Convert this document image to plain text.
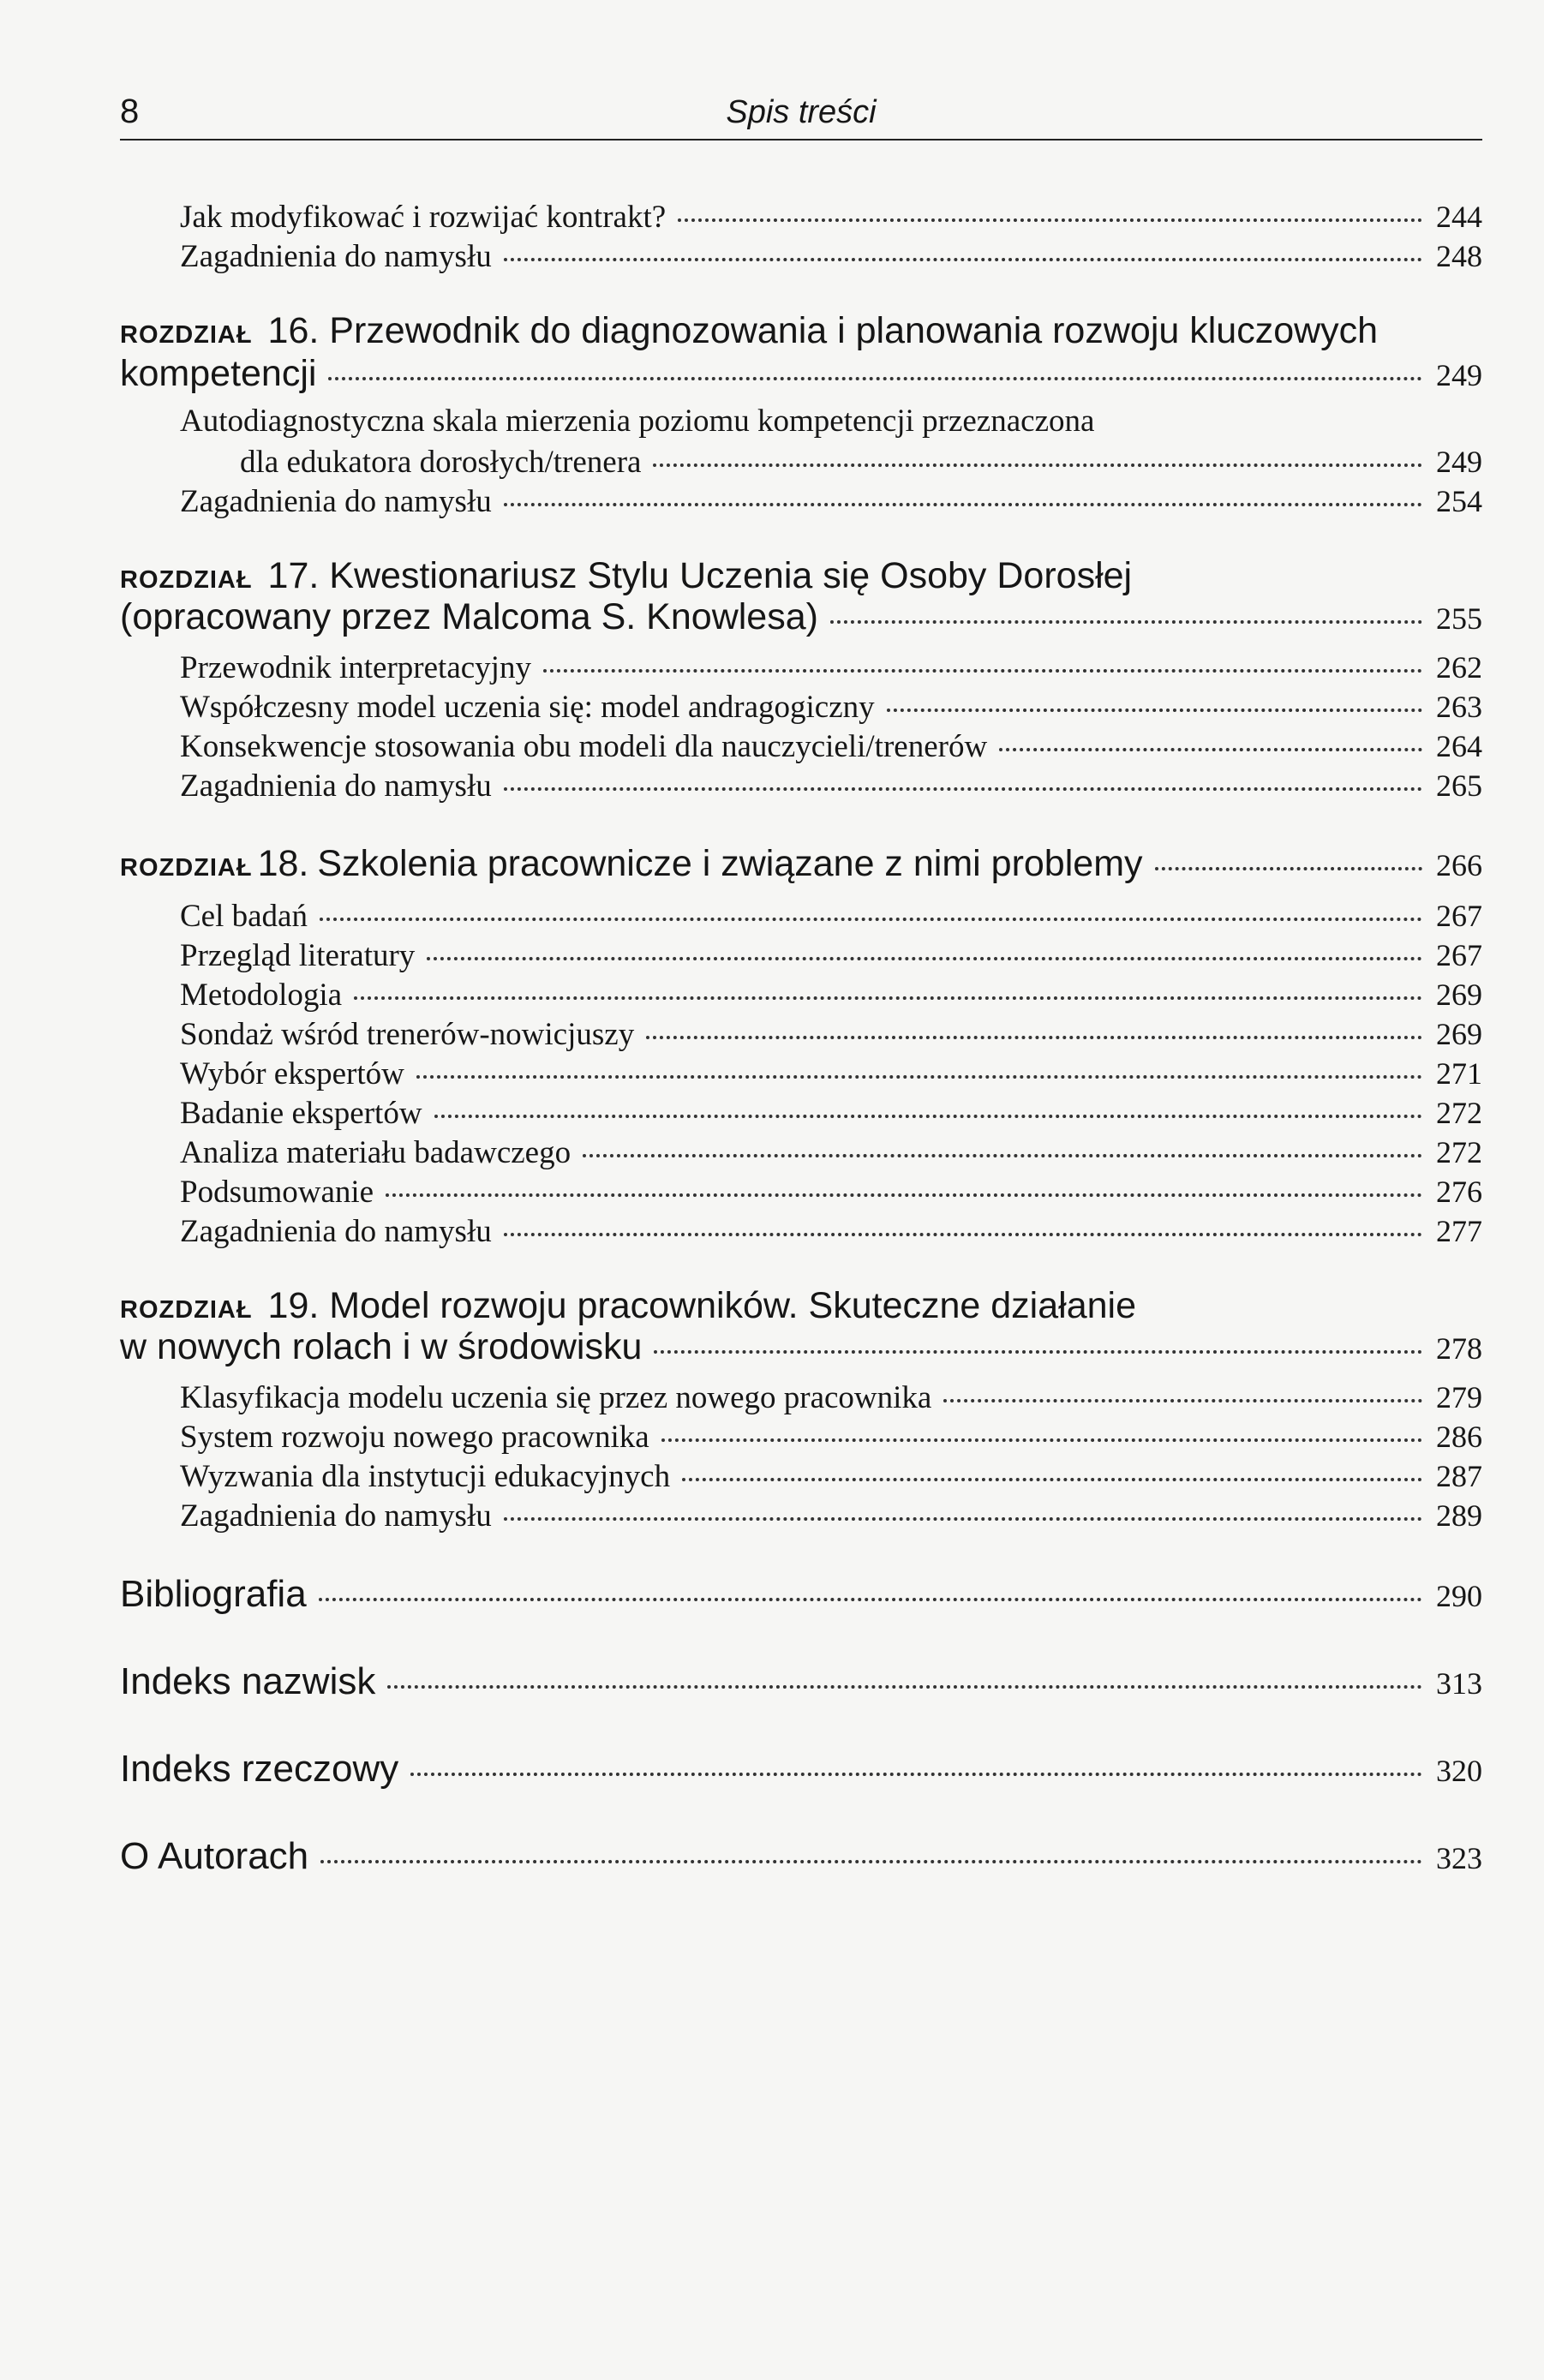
8	Spis treści
Jak modyfikować i rozwijać kontrakt?	244
Zagadnienia do namysłu	248
ROZDZIAŁ 16. Przewodnik do diagnozowania i planowania rozwoju kluczowych
kompetencji	249
Autodiagnostyczna skala mierzenia poziomu kompetencji przeznaczona
dla edukatora dorosłych/trenera	249
Zagadnienia do namysłu	254
ROZDZIAŁ 17. Kwestionariusz Stylu Uczenia się Osoby Dorosłej
(opracowany przez Malcoma S. Knowlesa)	255
Przewodnik interpretacyjny	262
Współczesny model uczenia się: model andragogiczny	263
Konsekwencje stosowania obu modeli dla nauczycieli/trenerów	264
Zagadnienia do namysłu	265
ROZDZIAŁ 18. Szkolenia pracownicze i związane z nimi problemy	266
Cel badań	267
Przegląd literatury	267
Metodologia	269
Sondaż wśród trenerów-nowicjuszy	269
Wybór ekspertów	271
Badanie ekspertów	272
Analiza materiału badawczego	272
Podsumowanie	276
Zagadnienia do namysłu	277
ROZDZIAŁ 19. Model rozwoju pracowników. Skuteczne działanie
w nowych rolach i w środowisku	278
Klasyfikacja modelu uczenia się przez nowego pracownika	279
System rozwoju nowego pracownika	286
Wyzwania dla instytucji edukacyjnych	287
Zagadnienia do namysłu	289
Bibliografia	290
Indeks nazwisk	313
Indeks rzeczowy	320
O Autorach	323
